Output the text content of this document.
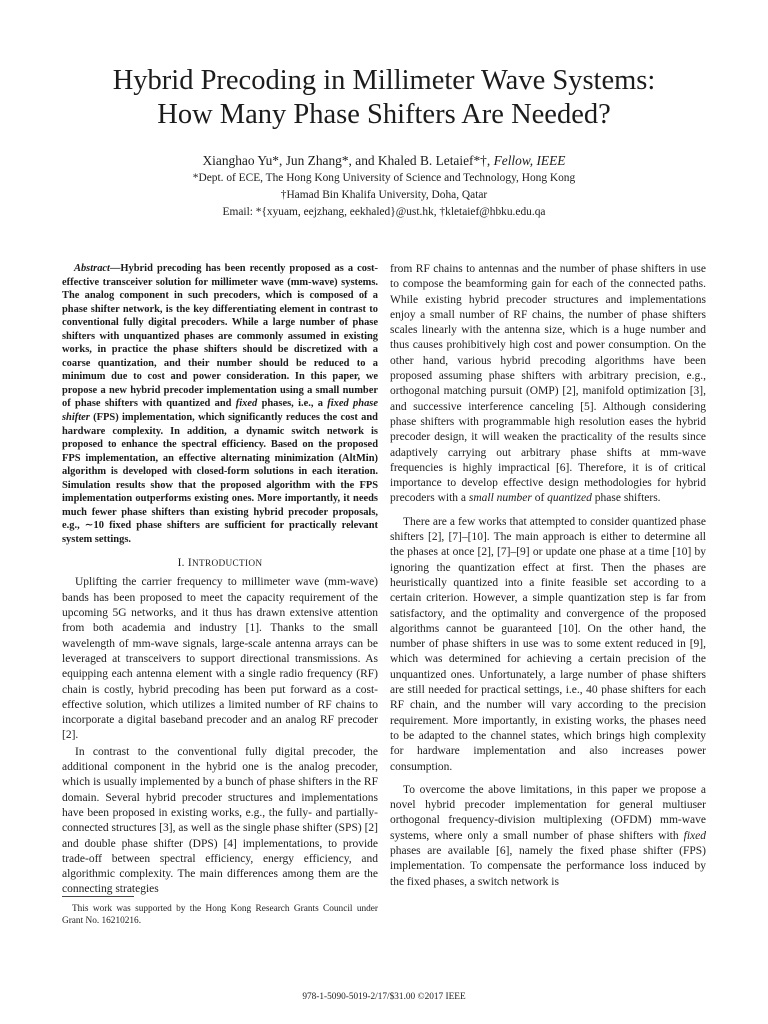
Hybrid Precoding in Millimeter Wave Systems:
How Many Phase Shifters Are Needed?
Xianghao Yu*, Jun Zhang*, and Khaled B. Letaief*†, Fellow, IEEE
*Dept. of ECE, The Hong Kong University of Science and Technology, Hong Kong
†Hamad Bin Khalifa University, Doha, Qatar
Email: *{xyuam, eejzhang, eekhaled}@ust.hk, †kletaief@hbku.edu.qa

Abstract—Hybrid precoding has been recently proposed as a cost-effective transceiver solution for millimeter wave (mm-wave) systems. The analog component in such precoders, which is composed of a phase shifter network, is the key differentiating element in contrast to conventional fully digital precoders. While a large number of phase shifters with unquantized phases are commonly assumed in existing works, in practice the phase shifters should be discretized with a coarse quantization, and their number should be reduced to a minimum due to cost and power consideration. In this paper, we propose a new hybrid precoder implementation using a small number of phase shifters with quantized and fixed phases, i.e., a fixed phase shifter (FPS) implementation, which significantly reduces the cost and hardware complexity. In addition, a dynamic switch network is proposed to enhance the spectral efficiency. Based on the proposed FPS implementation, an effective alternating minimization (AltMin) algorithm is developed with closed-form solutions in each iteration. Simulation results show that the proposed algorithm with the FPS implementation outperforms existing ones. More importantly, it needs much fewer phase shifters than existing hybrid precoder proposals, e.g., ∼10 fixed phase shifters are sufficient for practically relevant system settings.

I. INTRODUCTION

Uplifting the carrier frequency to millimeter wave (mm-wave) bands has been proposed to meet the capacity requirement of the upcoming 5G networks, and it thus has drawn extensive attention from both academia and industry [1]. Thanks to the small wavelength of mm-wave signals, large-scale antenna arrays can be leveraged at transceivers to support directional transmissions. As equipping each antenna element with a single radio frequency (RF) chain is costly, hybrid precoding has been put forward as a cost-effective solution, which utilizes a limited number of RF chains to incorporate a digital baseband precoder and an analog RF precoder [2].

In contrast to the conventional fully digital precoder, the additional component in the hybrid one is the analog precoder, which is usually implemented by a bunch of phase shifters in the RF domain. Several hybrid precoder structures and implementations have been proposed in existing works, e.g., the fully- and partially-connected structures [3], as well as the single phase shifter (SPS) [2] and double phase shifter (DPS) [4] implementations, to provide trade-off between spectral efficiency, energy efficiency, and algorithmic complexity. The main differences among them are the connecting strategies

This work was supported by the Hong Kong Research Grants Council under Grant No. 16210216.

from RF chains to antennas and the number of phase shifters in use to compose the beamforming gain for each of the connected paths. While existing hybrid precoder structures and implementations enjoy a small number of RF chains, the number of phase shifters scales linearly with the antenna size, which is a huge number and thus causes prohibitively high cost and power consumption. On the other hand, various hybrid precoding algorithms have been proposed assuming phase shifters with arbitrary precision, e.g., orthogonal matching pursuit (OMP) [2], manifold optimization [3], and successive interference canceling [5]. Although considering phase shifters with programmable high resolution eases the hybrid precoder design, it will weaken the practicality of the results since adaptively carrying out arbitrary phase shifts at mm-wave frequencies is highly impractical [6]. Therefore, it is of critical importance to develop effective design methodologies for hybrid precoders with a small number of quantized phase shifters.

There are a few works that attempted to consider quantized phase shifters [2], [7]–[10]. The main approach is either to determine all the phases at once [2], [7]–[9] or update one phase at a time [10] by ignoring the quantization effect at first. Then the phases are heuristically quantized into a finite feasible set according to a certain criterion. However, a simple quantization step is far from satisfactory, and the optimality and convergence of the proposed algorithms cannot be guaranteed [10]. On the other hand, the number of phase shifters in use was to some extent reduced in [9], which was determined for achieving a certain precision of the unquantized ones. Unfortunately, a large number of phase shifters are still needed for practical settings, i.e., 40 phase shifters for each RF chain, and the number will vary according to the precision requirement. More importantly, in existing works, the phases need to be adapted to the channel states, which brings high complexity for hardware implementation and also increases power consumption.

To overcome the above limitations, in this paper we propose a novel hybrid precoder implementation for general multiuser orthogonal frequency-division multiplexing (OFDM) mm-wave systems, where only a small number of phase shifters with fixed phases are available [6], namely the fixed phase shifter (FPS) implementation. To compensate the performance loss induced by the fixed phases, a switch network is

978-1-5090-5019-2/17/$31.00 ©2017 IEEE
